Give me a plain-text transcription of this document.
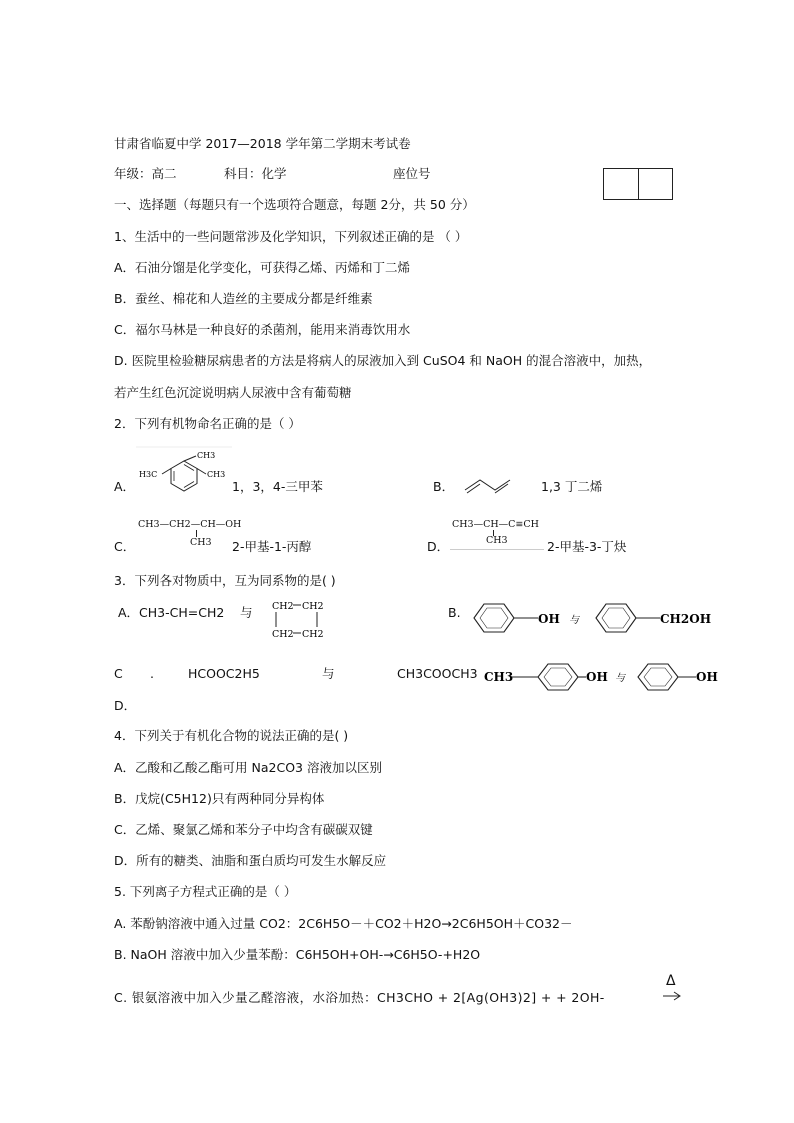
甘肃省临夏中学 2017—2018 学年第二学期末考试卷
年级：高二	科目：化学	座位号
一、选择题（每题只有一个选项符合题意，每题 2分，共 50 分）
1、生活中的一些问题常涉及化学知识，下列叙述正确的是 （ ）
A．石油分馏是化学变化，可获得乙烯、丙烯和丁二烯
B．蚕丝、棉花和人造丝的主要成分都是纤维素
C．福尔马林是一种良好的杀菌剂，能用来消毒饮用水
D. 医院里检验糖尿病患者的方法是将病人的尿液加入到 CuSO4 和 NaOH 的混合溶液中，加热，
若产生红色沉淀说明病人尿液中含有葡萄糖
2．下列有机物命名正确的是（ ）
A．
CH3
CH3
H3C
1，3，4-三甲苯	B．	1,3 丁二烯
C．
CH3—CH2—CH—OH
CH3 2-甲基-1-丙醇	D．
CH3—CH—C≡CH
CH3	2-甲基-3-丁炔
3．下列各对物质中，互为同系物的是( )
A．CH3-CH=CH2 与 CH2 CH2
CH2 CH2
B.	OH 与	CH2OH
C .	HCOOC2H5	与	CH3COOCH3 CH3	OH 与	OH
D．
4．下列关于有机化合物的说法正确的是( )
A．乙酸和乙酸乙酯可用 Na2CO3 溶液加以区别
B．戊烷(C5H12)只有两种同分异构体
C．乙烯、聚氯乙烯和苯分子中均含有碳碳双键
D．所有的糖类、油脂和蛋白质均可发生水解反应
5. 下列离子方程式正确的是（ ）
A. 苯酚钠溶液中通入过量 CO2：2C6H5O－＋CO2＋H2O→2C6H5OH＋CO32－
B. NaOH 溶液中加入少量苯酚：C6H5OH+OH-→C6H5O-+H2O
C. 银氨溶液中加入少量乙醛溶液，水浴加热：CH3CHO + 2[Ag(OH3)2] + + 2OH-
Δ
